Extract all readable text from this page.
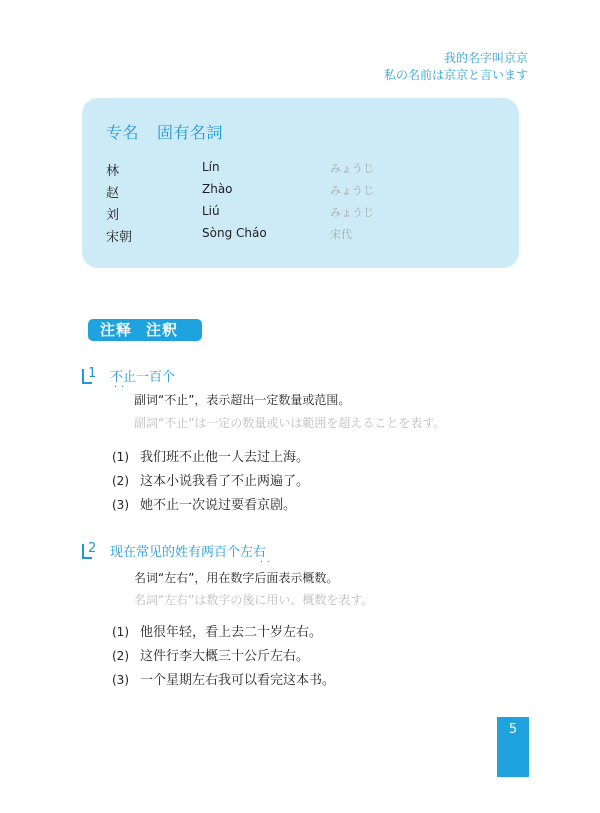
我的名字叫京京
私の名前は京京と言います
专名 固有名詞
林	Lín	みょうじ
赵	Zhào	みょうじ
刘	Liú	みょうじ
宋朝	Sòng Cháo	宋代
注释 注釈
1 不止一百个
··
副词“不止”，表示超出一定数量或范围。
副詞“不止”は一定の数量或いは範囲を超えることを表す。
(1) 我们班不止他一人去过上海。
(2) 这本小说我看了不止两遍了。
(3) 她不止一次说过要看京剧。
2 现在常见的姓有两百个左右
··
名词“左右”，用在数字后面表示概数。
名詞“左右”は数字の後に用い、概数を表す。
(1) 他很年轻，看上去二十岁左右。
(2) 这件行李大概三十公斤左右。
(3) 一个星期左右我可以看完这本书。
5
